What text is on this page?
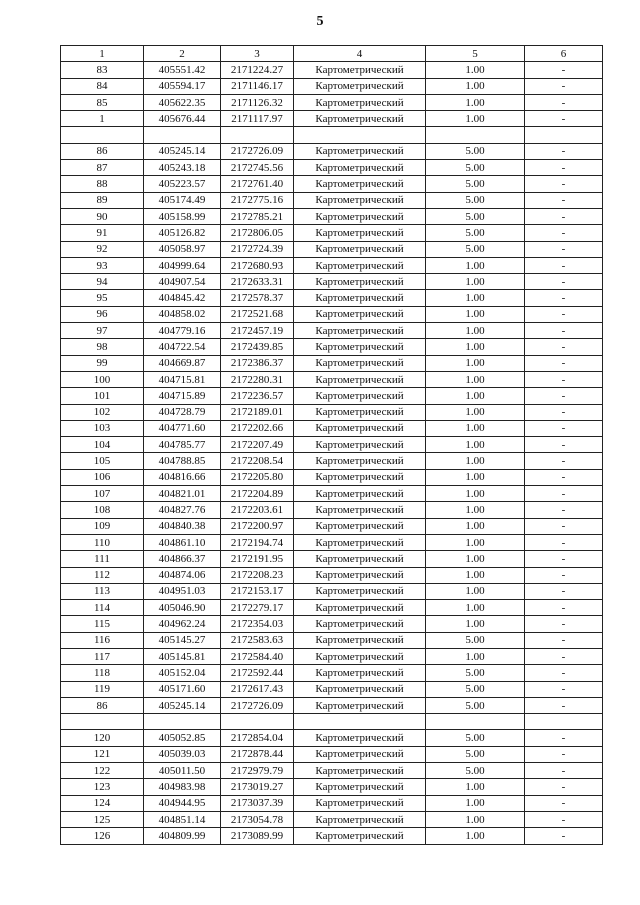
5
1	2	3	4	5	6
83	405551.42	2171224.27	Картометрический	1.00	-
84	405594.17	2171146.17	Картометрический	1.00	-
85	405622.35	2171126.32	Картометрический	1.00	-
1	405676.44	2171117.97	Картометрический	1.00	-

86	405245.14	2172726.09	Картометрический	5.00	-
87	405243.18	2172745.56	Картометрический	5.00	-
88	405223.57	2172761.40	Картометрический	5.00	-
89	405174.49	2172775.16	Картометрический	5.00	-
90	405158.99	2172785.21	Картометрический	5.00	-
91	405126.82	2172806.05	Картометрический	5.00	-
92	405058.97	2172724.39	Картометрический	5.00	-
93	404999.64	2172680.93	Картометрический	1.00	-
94	404907.54	2172633.31	Картометрический	1.00	-
95	404845.42	2172578.37	Картометрический	1.00	-
96	404858.02	2172521.68	Картометрический	1.00	-
97	404779.16	2172457.19	Картометрический	1.00	-
98	404722.54	2172439.85	Картометрический	1.00	-
99	404669.87	2172386.37	Картометрический	1.00	-
100	404715.81	2172280.31	Картометрический	1.00	-
101	404715.89	2172236.57	Картометрический	1.00	-
102	404728.79	2172189.01	Картометрический	1.00	-
103	404771.60	2172202.66	Картометрический	1.00	-
104	404785.77	2172207.49	Картометрический	1.00	-
105	404788.85	2172208.54	Картометрический	1.00	-
106	404816.66	2172205.80	Картометрический	1.00	-
107	404821.01	2172204.89	Картометрический	1.00	-
108	404827.76	2172203.61	Картометрический	1.00	-
109	404840.38	2172200.97	Картометрический	1.00	-
110	404861.10	2172194.74	Картометрический	1.00	-
111	404866.37	2172191.95	Картометрический	1.00	-
112	404874.06	2172208.23	Картометрический	1.00	-
113	404951.03	2172153.17	Картометрический	1.00	-
114	405046.90	2172279.17	Картометрический	1.00	-
115	404962.24	2172354.03	Картометрический	1.00	-
116	405145.27	2172583.63	Картометрический	5.00	-
117	405145.81	2172584.40	Картометрический	1.00	-
118	405152.04	2172592.44	Картометрический	5.00	-
119	405171.60	2172617.43	Картометрический	5.00	-
86	405245.14	2172726.09	Картометрический	5.00	-

120	405052.85	2172854.04	Картометрический	5.00	-
121	405039.03	2172878.44	Картометрический	5.00	-
122	405011.50	2172979.79	Картометрический	5.00	-
123	404983.98	2173019.27	Картометрический	1.00	-
124	404944.95	2173037.39	Картометрический	1.00	-
125	404851.14	2173054.78	Картометрический	1.00	-
126	404809.99	2173089.99	Картометрический	1.00	-
